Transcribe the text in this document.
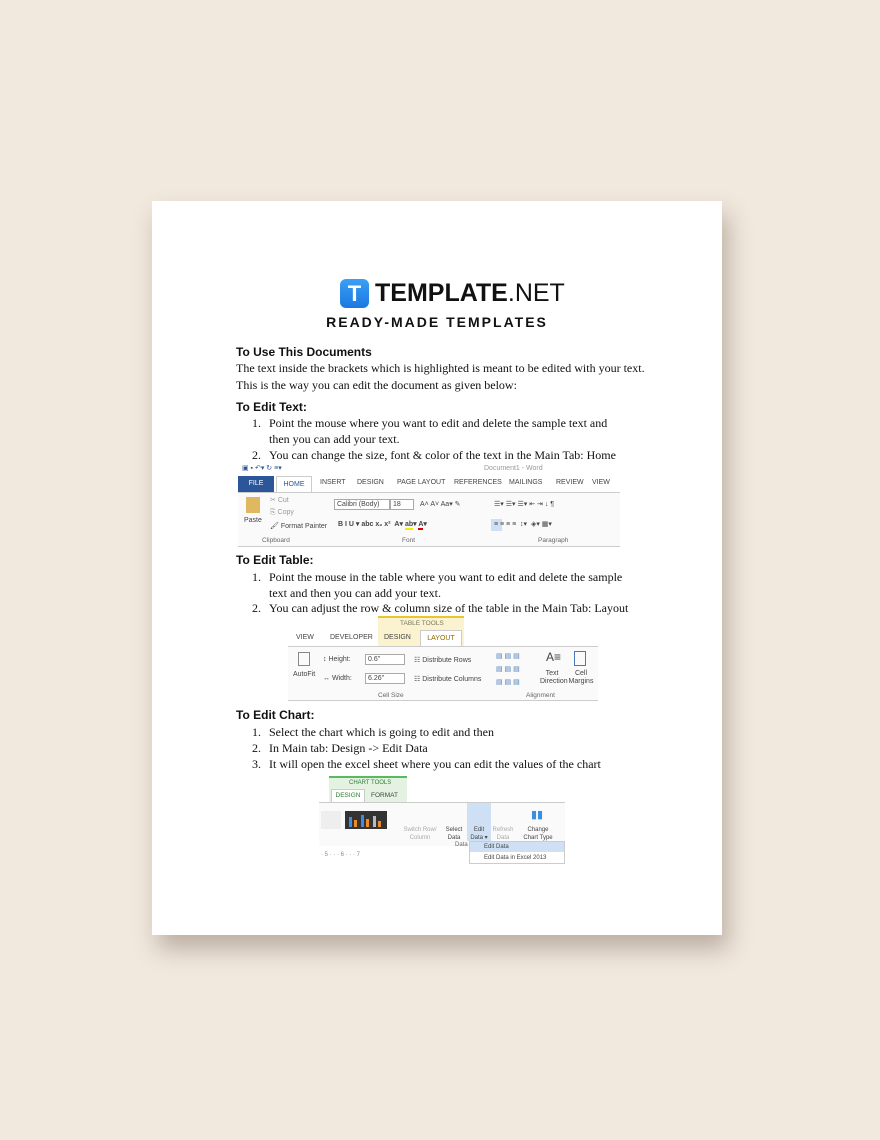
T TEMPLATE.NET
READY-MADE TEMPLATES
To Use This Documents
The text inside the brackets which is highlighted is meant to be edited with your text.
This is the way you can edit the document as given below:
To Edit Text:
1. Point the mouse where you want to edit and delete the sample text and then you can add your text.
2. You can change the size, font & color of the text in the Main Tab: Home
▣ ▪ ↶▾ ↻ ≡▾	Document1 - Word
FILE	HOME	INSERT DESIGN PAGE LAYOUT REFERENCES MAILINGS REVIEW VIEW
Paste
✂ Cut
⎘ Copy
🖌 Format Painter
Clipboard
Calibri (Body)	18	A˄ A˅ Aa▾ ✎
B I U ▾ abc x₂ x²  A▾ ab▾ A▾
Font
☰▾ ☰▾ ☰▾ ⇤ ⇥ ↓ ¶
≡ ≡ ≡ ≡  ↕▾  ◈▾ ▦▾
Paragraph
To Edit Table:
1. Point the mouse in the table where you want to edit and delete the sample text and then you can add your text.
2. You can adjust the row & column size of the table in the Main Tab: Layout
TABLE TOOLS
VIEW DEVELOPER DESIGN	LAYOUT
AutoFit
↕ Height:	0.6"
↔ Width:	6.26"
☷ Distribute Rows
☷ Distribute Columns
Cell Size
▤ ▤ ▤
▤ ▤ ▤
▤ ▤ ▤
A≡
Text Direction
Cell Margins
Alignment
To Edit Chart:
1. Select the chart which is going to edit and then
2. In Main tab: Design -> Edit Data
3. It will open the excel sheet where you can edit the values of the chart
CHART TOOLS
DESIGN	FORMAT
Switch Row/ Column
Select Data
Edit Data ▾
Refresh Data
Change Chart Type
▮▮
Data
· 5 · · · 6 · · · 7
Edit Data
Edit Data in Excel 2013
